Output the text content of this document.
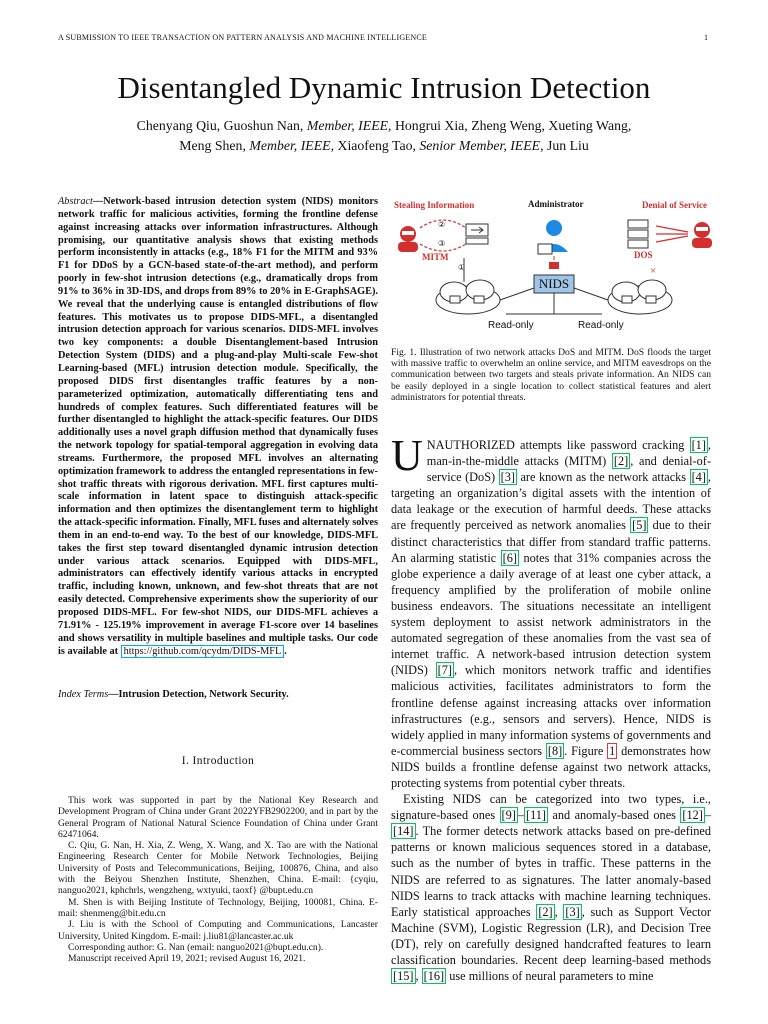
A SUBMISSION TO IEEE TRANSACTION ON PATTERN ANALYSIS AND MACHINE INTELLIGENCE	1
Disentangled Dynamic Intrusion Detection
Chenyang Qiu, Guoshun Nan, Member, IEEE, Hongrui Xia, Zheng Weng, Xueting Wang,
Meng Shen, Member, IEEE, Xiaofeng Tao, Senior Member, IEEE, Jun Liu
Abstract—Network-based intrusion detection system (NIDS) monitors network traffic for malicious activities, forming the frontline defense against increasing attacks over information infrastructures. Although promising, our quantitative analysis shows that existing methods perform inconsistently in attacks (e.g., 18% F1 for the MITM and 93% F1 for DDoS by a GCN-based state-of-the-art method), and perform poorly in few-shot intrusion detections (e.g., dramatically drops from 91% to 36% in 3D-IDS, and drops from 89% to 20% in E-GraphSAGE). We reveal that the underlying cause is entangled distributions of flow features. This motivates us to propose DIDS-MFL, a disentangled intrusion detection approach for various scenarios. DIDS-MFL involves two key components: a double Disentanglement-based Intrusion Detection System (DIDS) and a plug-and-play Multi-scale Few-shot Learning-based (MFL) intrusion detection module. Specifically, the proposed DIDS first disentangles traffic features by a non-parameterized optimization, automatically differentiating tens and hundreds of complex features. Such differentiated features will be further disentangled to highlight the attack-specific features. Our DIDS additionally uses a novel graph diffusion method that dynamically fuses the network topology for spatial-temporal aggregation in evolving data streams. Furthermore, the proposed MFL involves an alternating optimization framework to address the entangled representations in few-shot traffic threats with rigorous derivation. MFL first captures multi-scale information in latent space to distinguish attack-specific information and then optimizes the disentanglement term to highlight the attack-specific information. Finally, MFL fuses and alternately solves them in an end-to-end way. To the best of our knowledge, DIDS-MFL takes the first step toward disentangled dynamic intrusion detection under various attack scenarios. Equipped with DIDS-MFL, administrators can effectively identify various attacks in encrypted traffic, including known, unknown, and few-shot threats that are not easily detected. Comprehensive experiments show the superiority of our proposed DIDS-MFL. For few-shot NIDS, our DIDS-MFL achieves a 71.91% - 125.19% improvement in average F1-score over 14 baselines and shows versatility in multiple baselines and multiple tasks. Our code is available at https://github.com/qcydm/DIDS-MFL .
Index Terms—Intrusion Detection, Network Security.
I. Introduction

This work was supported in part by the National Key Research and Development Program of China under Grant 2022YFB2902200, and in part by the General Program of National Natural Science Foundation of China under Grant 62471064.

C. Qiu, G. Nan, H. Xia, Z. Weng, X. Wang, and X. Tao are with the National Engineering Research Center for Mobile Network Technologies, Beijing University of Posts and Telecommunications, Beijing, 100876, China, and also with the Beiyou Shenzhen Institute, Shenzhen, China. E-mail: {cyqiu, nanguo2021, kphchrls, wengzheng, wxtyuki, taoxf} @bupt.edu.cn

M. Shen is with Beijing Institute of Technology, Beijing, 100081, China. E-mail: shenmeng@bit.edu.cn

J. Liu is with the School of Computing and Communications, Lancaster University, United Kingdom. E-mail: j.liu81@lancaster.ac.uk

Corresponding author: G. Nan (email: nanguo2021@bupt.edu.cn).

Manuscript received April 19, 2021; revised August 16, 2021.

Stealing Information	Administrator	Denial of Service
②
③
MITM
①
NIDS
DOS
×
Read-only	Read-only
Fig. 1. Illustration of two network attacks DoS and MITM. DoS floods the target with massive traffic to overwhelm an online service, and MITM eavesdrops on the communication between two targets and steals private information. An NIDS can be easily deployed in a single location to collect statistical features and alert administrators for potential threats.

UNAUTHORIZED attempts like password cracking [1] , man-in-the-middle attacks (MITM) [2] , and denial-of-service (DoS) [3] are known as the network attacks [4] , targeting an organization’s digital assets with the intention of data leakage or the execution of harmful deeds. These attacks are frequently perceived as network anomalies [5] due to their distinct characteristics that differ from standard traffic patterns. An alarming statistic [6] notes that 31% companies across the globe experience a daily average of at least one cyber attack, a frequency amplified by the proliferation of mobile online business endeavors. The situations necessitate an intelligent system deployment to assist network administrators in the automated segregation of these anomalies from the vast sea of internet traffic. A network-based intrusion detection system (NIDS) [7] , which monitors network traffic and identifies malicious activities, facilitates administrators to form the frontline defense against increasing attacks over information infrastructures (e.g., sensors and servers). Hence, NIDS is widely applied in many information systems of governments and e-commercial business sectors [8] . Figure 1 demonstrates how NIDS builds a frontline defense against two network attacks, protecting systems from potential cyber threats.

Existing NIDS can be categorized into two types, i.e., signature-based ones [9] – [11] and anomaly-based ones [12] –[14] . The former detects network attacks based on pre-defined patterns or known malicious sequences stored in a database, such as the number of bytes in traffic. These patterns in the NIDS are referred to as signatures. The latter anomaly-based NIDS learns to track attacks with machine learning techniques. Early statistical approaches [2] , [3] , such as Support Vector Machine (SVM), Logistic Regression (LR), and Decision Tree (DT), rely on carefully designed handcrafted features to learn classification boundaries. Recent deep learning-based methods [15] , [16] use millions of neural parameters to mine
